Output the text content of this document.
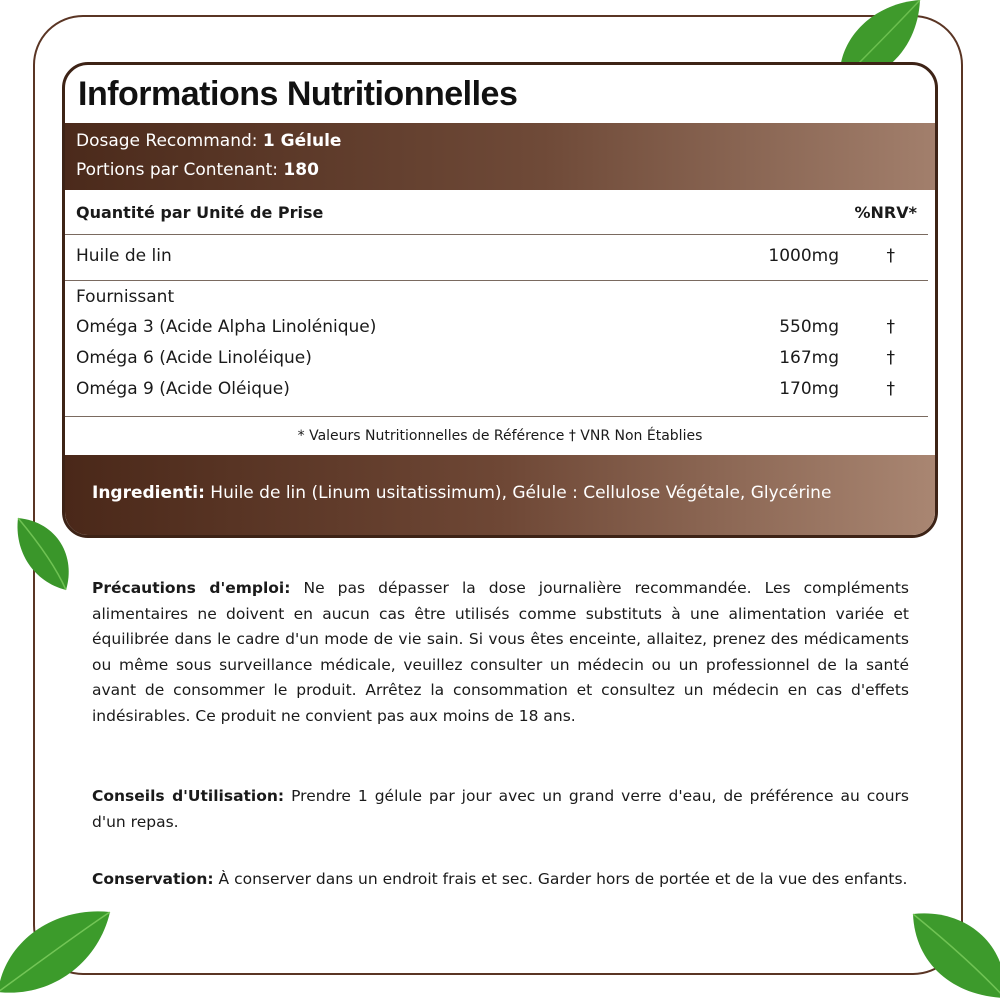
Informations Nutritionnelles
Dosage Recommand: 1 Gélule
Portions par Contenant: 180
Quantité par Unité de Prise	%NRV*
Huile de lin	1000mg	†
Fournissant
Oméga 3 (Acide Alpha Linolénique)	550mg	†
Oméga 6 (Acide Linoléique)	167mg	†
Oméga 9 (Acide Oléique)	170mg	†
* Valeurs Nutritionnelles de Référence † VNR Non Établies
Ingredienti: Huile de lin (Linum usitatissimum), Gélule : Cellulose Végétale, Glycérine
Précautions d'emploi: Ne pas dépasser la dose journalière recommandée. Les compléments alimentaires ne doivent en aucun cas être utilisés comme substituts à une alimentation variée et équilibrée dans le cadre d'un mode de vie sain. Si vous êtes enceinte, allaitez, prenez des médicaments ou même sous surveillance médicale, veuillez consulter un médecin ou un professionnel de la santé avant de consommer le produit. Arrêtez la consommation et consultez un médecin en cas d'effets indésirables. Ce produit ne convient pas aux moins de 18 ans.
Conseils d'Utilisation: Prendre 1 gélule par jour avec un grand verre d'eau, de préférence au cours d'un repas.
Conservation: À conserver dans un endroit frais et sec. Garder hors de portée et de la vue des enfants.
